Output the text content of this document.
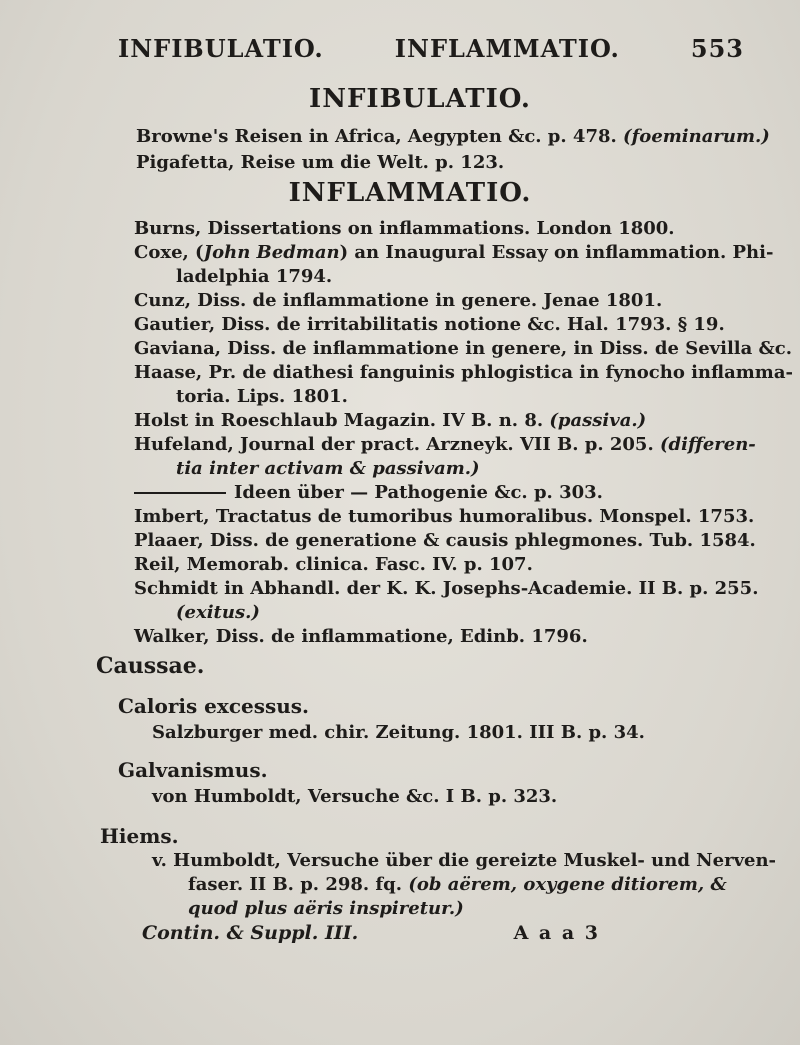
INFIBULATIO.	INFLAMMATIO.	553
INFIBULATIO.
Browne's Reisen in Africa, Aegypten &c. p. 478. (foeminarum.)
Pigafetta, Reise um die Welt. p. 123.
INFLAMMATIO.
Burns, Dissertations on inflammations. London 1800.
Coxe, (John Bedman) an Inaugural Essay on inflammation. Phi-
ladelphia 1794.
Cunz, Diss. de inflammatione in genere. Jenae 1801.
Gautier, Diss. de irritabilitatis notione &c. Hal. 1793. § 19.
Gaviana, Diss. de inflammatione in genere, in Diss. de Sevilla &c.
Haase, Pr. de diathesi fanguinis phlogistica in fynocho inflamma-
toria. Lips. 1801.
Holst in Roeschlaub Magazin. IV B. n. 8. (passiva.)
Hufeland, Journal der pract. Arzneyk. VII B. p. 205. (differen-
tia inter activam & passivam.)
Ideen über — Pathogenie &c. p. 303.
Imbert, Tractatus de tumoribus humoralibus. Monspel. 1753.
Plaaer, Diss. de generatione & causis phlegmones. Tub. 1584.
Reil, Memorab. clinica. Fasc. IV. p. 107.
Schmidt in Abhandl. der K. K. Josephs-Academie. II B. p. 255.
(exitus.)
Walker, Diss. de inflammatione, Edinb. 1796.
Caussae.
Caloris excessus.
Salzburger med. chir. Zeitung. 1801. III B. p. 34.
Galvanismus.
von Humboldt, Versuche &c. I B. p. 323.
Hiems.
v. Humboldt, Versuche über die gereizte Muskel- und Nerven-
faser. II B. p. 298. fq. (ob aërem, oxygene ditiorem, &
quod plus aëris inspiretur.)
Contin. & Suppl. III.	A a a 3
